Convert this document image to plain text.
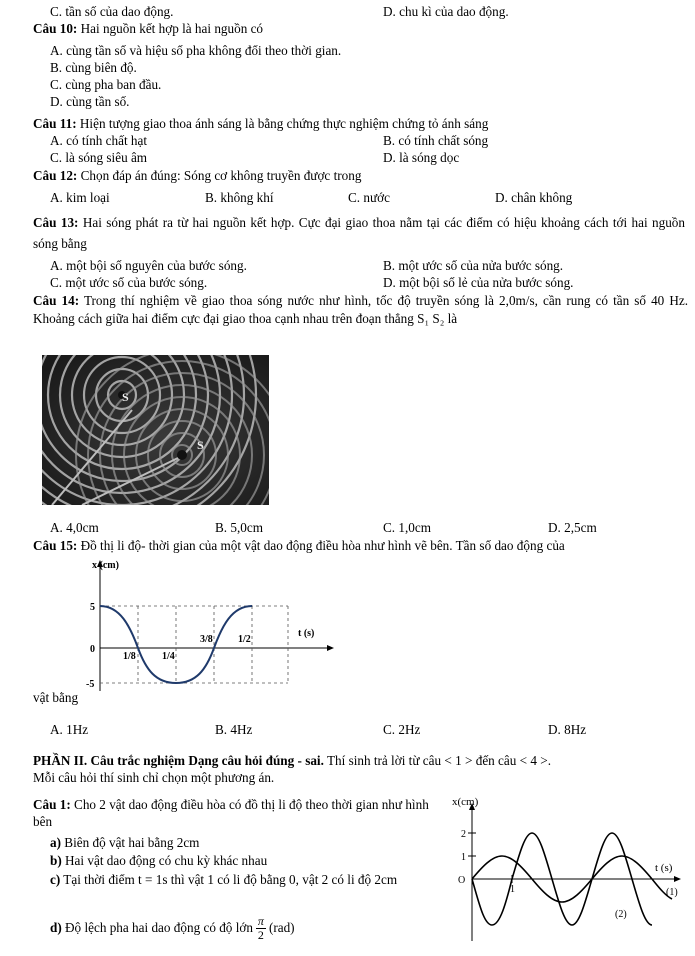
C. tần số của dao động.	D. chu kì của dao động.
Câu 10: Hai nguồn kết hợp là hai nguồn có
A. cùng tần số và hiệu số pha không đổi theo thời gian.
B. cùng biên độ.
C. cùng pha ban đầu.
D. cùng tần số.
Câu 11: Hiện tượng giao thoa ánh sáng là bằng chứng thực nghiệm chứng tỏ ánh sáng
A. có tính chất hạt	B. có tính chất sóng
C. là sóng siêu âm	D. là sóng dọc
Câu 12: Chọn đáp án đúng: Sóng cơ không truyền được trong
A. kim loại	B. không khí	C. nước	D. chân không
Câu 13: Hai sóng phát ra từ hai nguồn kết hợp. Cực đại giao thoa nằm tại các điểm có hiệu khoảng cách tới hai nguồn sóng bằng
A. một bội số nguyên của bước sóng.	B. một ước số của nửa bước sóng.
C. một ước số của bước sóng.	D. một bội số lẻ của nửa bước sóng.
Câu 14: Trong thí nghiệm về giao thoa sóng nước như hình, tốc độ truyền sóng là 2,0m/s, cần rung có tần số 40 Hz. Khoảng cách giữa hai điểm cực đại giao thoa cạnh nhau trên đoạn thẳng S₁ S₂ là
S
S
A. 4,0cm	B. 5,0cm	C. 1,0cm	D. 2,5cm
Câu 15: Đồ thị li độ- thời gian của một vật dao động điều hòa như hình vẽ bên. Tần số dao động của
x (cm)
t (s)
5
0
-5
1/8	1/4
3/8	1/2
vật bằng
A. 1Hz	B. 4Hz	C. 2Hz	D. 8Hz
PHẦN II. Câu trắc nghiệm Dạng câu hỏi đúng - sai. Thí sinh trả lời từ câu < 1 > đến câu < 4 >.
Mỗi câu hỏi thí sinh chỉ chọn một phương án.
Câu 1: Cho 2 vật dao động điều hòa có đồ thị li độ theo thời gian như hình bên
a) Biên độ vật hai bằng 2cm
b) Hai vật dao động có chu kỳ khác nhau
c) Tại thời điểm t = 1s thì vật 1 có li độ bằng 0, vật 2 có li độ 2cm
d) Độ lệch pha hai dao động có độ lớn $\frac{\pi}{2} (rad)$
x(cm)
t (s)
2
1
O
1	(1)
(2)
